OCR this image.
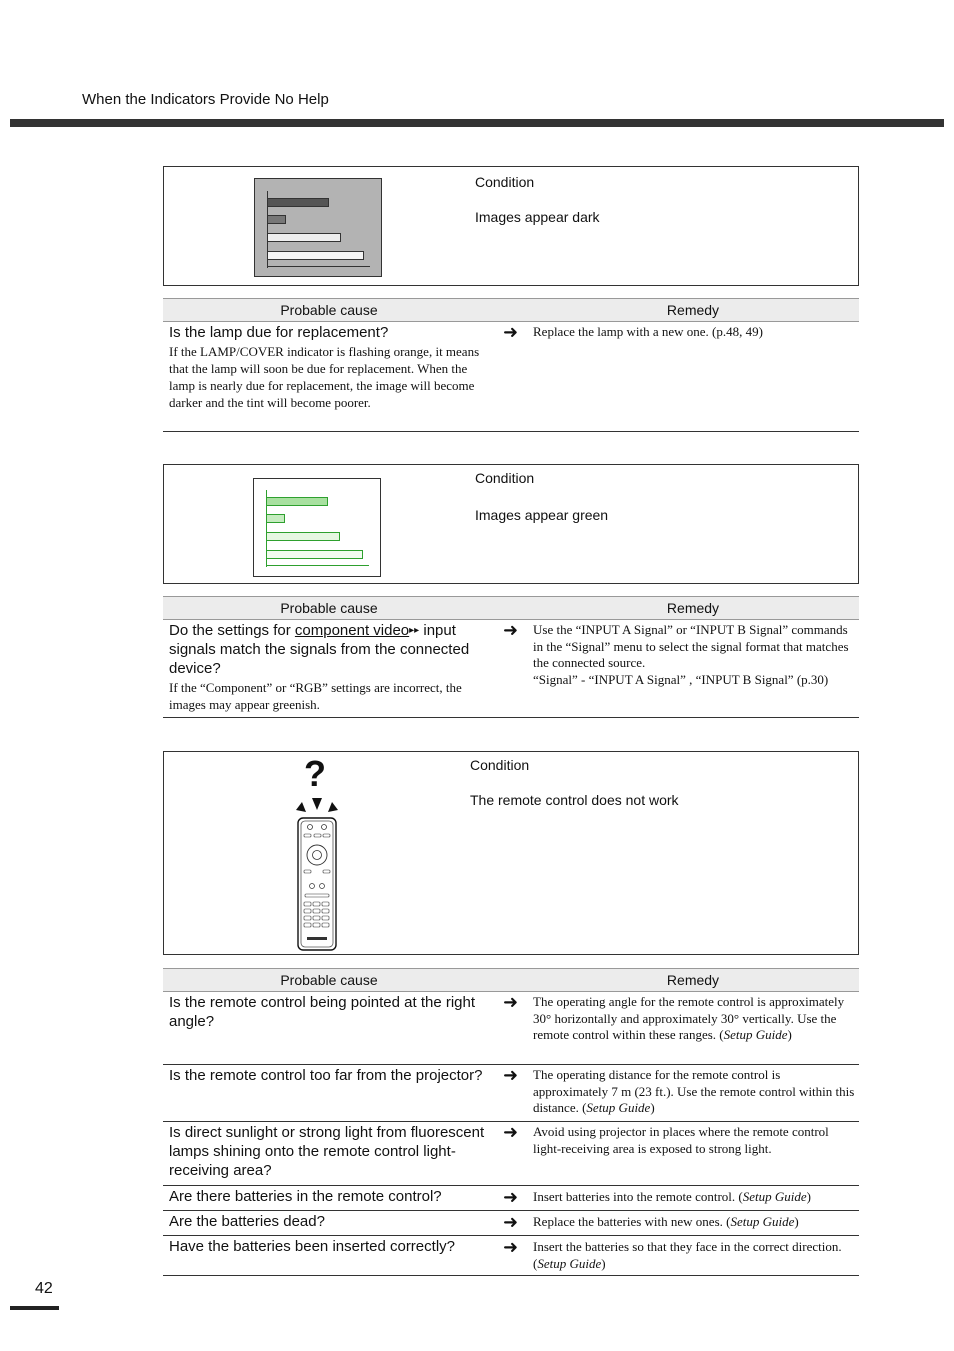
When the Indicators Provide No Help
Condition
Images appear dark
Probable cause	Remedy
Is the lamp due for replacement?
If the LAMP/COVER indicator is flashing orange, it means that the lamp will soon be due for replacement. When the lamp is nearly due for replacement, the image will become darker and the tint will become poorer.
➜ Replace the lamp with a new one. (p.48, 49)
Condition
Images appear green
Probable cause	Remedy
Do the settings for component video▸▸ input signals match the signals from the connected device?
If the “Component” or “RGB” settings are incorrect, the images may appear greenish.
➜ Use the “INPUT A Signal” or “INPUT B Signal” commands in the “Signal” menu to select the signal format that matches the connected source.
“Signal” - “INPUT A Signal” , “INPUT B Signal” (p.30)
?	Condition
The remote control does not work
Probable cause	Remedy
Is the remote control being pointed at the right angle?
➜ The operating angle for the remote control is approximately 30° horizontally and approximately 30° vertically. Use the remote control within these ranges. (Setup Guide)
Is the remote control too far from the projector?	➜ The operating distance for the remote control is approximately 7 m (23 ft.). Use the remote control within this distance. (Setup Guide)
Is direct sunlight or strong light from fluorescent lamps shining onto the remote control light-receiving area?
➜ Avoid using projector in places where the remote control light-receiving area is exposed to strong light.
Are there batteries in the remote control?	➜ Insert batteries into the remote control. (Setup Guide)
Are the batteries dead?	➜ Replace the batteries with new ones. (Setup Guide)
Have the batteries been inserted correctly?	➜ Insert the batteries so that they face in the correct direction. (Setup Guide)
42
